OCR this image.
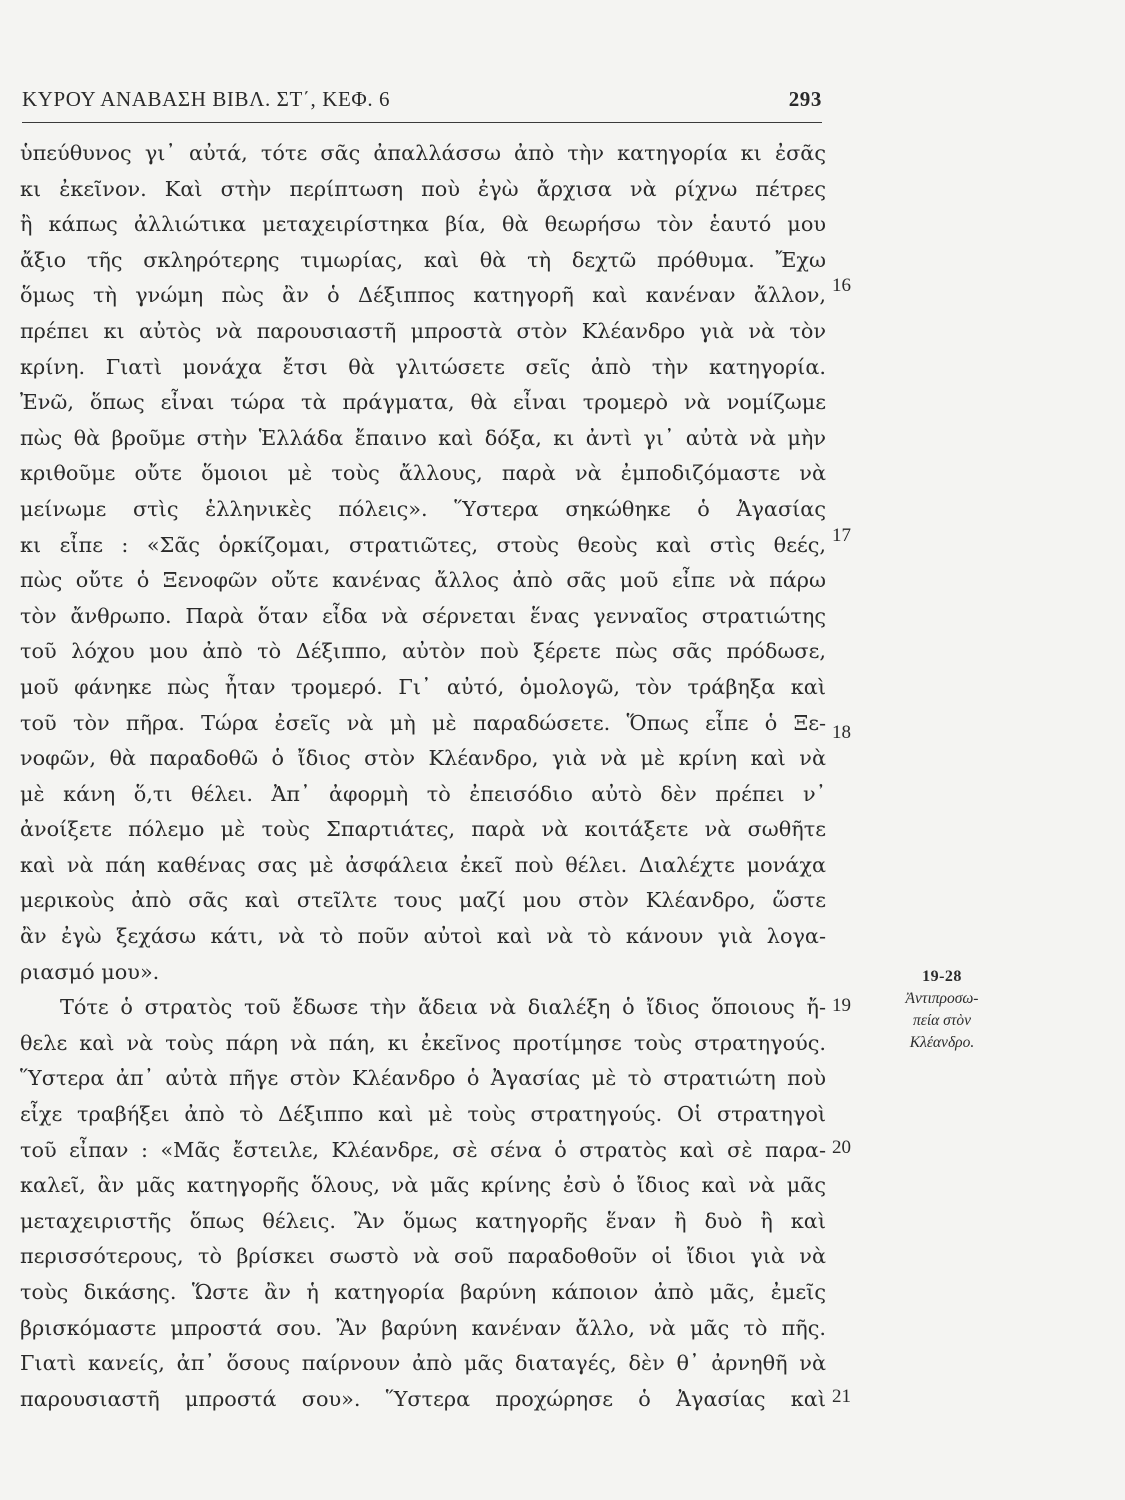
ΚΥΡΟΥ ΑΝΑΒΑΣΗ ΒΙΒΛ. ΣΤ΄, ΚΕΦ. 6	293
ὑπεύθυνος γι᾽ αὐτά, τότε σᾶς ἀπαλλάσσω ἀπὸ τὴν κατηγορία κι ἐσᾶς
κι ἐκεῖνον. Καὶ στὴν περίπτωση ποὺ ἐγὼ ἄρχισα νὰ ρίχνω πέτρες
ἢ κάπως ἀλλιώτικα μεταχειρίστηκα βία, θὰ θεωρήσω τὸν ἑαυτό μου
ἄξιο τῆς σκληρότερης τιμωρίας, καὶ θὰ τὴ δεχτῶ πρόθυμα. Ἔχω
ὅμως τὴ γνώμη πὼς ἂν ὁ Δέξιππος κατηγορῆ καὶ κανέναν ἄλλον,
πρέπει κι αὐτὸς νὰ παρουσιαστῆ μπροστὰ στὸν Κλέανδρο γιὰ νὰ τὸν
κρίνη. Γιατὶ μονάχα ἔτσι θὰ γλιτώσετε σεῖς ἀπὸ τὴν κατηγορία.
Ἐνῶ, ὅπως εἶναι τώρα τὰ πράγματα, θὰ εἶναι τρομερὸ νὰ νομίζωμε
πὼς θὰ βροῦμε στὴν Ἑλλάδα ἔπαινο καὶ δόξα, κι ἀντὶ γι᾽ αὐτὰ νὰ μὴν
κριθοῦμε οὔτε ὅμοιοι μὲ τοὺς ἄλλους, παρὰ νὰ ἐμποδιζόμαστε νὰ
μείνωμε στὶς ἑλληνικὲς πόλεις». Ὕστερα σηκώθηκε ὁ Ἀγασίας
κι εἶπε : «Σᾶς ὁρκίζομαι, στρατιῶτες, στοὺς θεοὺς καὶ στὶς θεές,
πὼς οὔτε ὁ Ξενοφῶν οὔτε κανένας ἄλλος ἀπὸ σᾶς μοῦ εἶπε νὰ πάρω
τὸν ἄνθρωπο. Παρὰ ὅταν εἶδα νὰ σέρνεται ἕνας γενναῖος στρατιώτης
τοῦ λόχου μου ἀπὸ τὸ Δέξιππο, αὐτὸν ποὺ ξέρετε πὼς σᾶς πρόδωσε,
μοῦ φάνηκε πὼς ἦταν τρομερό. Γι᾽ αὐτό, ὁμολογῶ, τὸν τράβηξα καὶ
τοῦ τὸν πῆρα. Τώρα ἐσεῖς νὰ μὴ μὲ παραδώσετε. Ὅπως εἶπε ὁ Ξε-
νοφῶν, θὰ παραδοθῶ ὁ ἴδιος στὸν Κλέανδρο, γιὰ νὰ μὲ κρίνη καὶ νὰ
μὲ κάνη ὅ,τι θέλει. Ἀπ᾽ ἀφορμὴ τὸ ἐπεισόδιο αὐτὸ δὲν πρέπει ν᾽
ἀνοίξετε πόλεμο μὲ τοὺς Σπαρτιάτες, παρὰ νὰ κοιτάξετε νὰ σωθῆτε
καὶ νὰ πάη καθένας σας μὲ ἀσφάλεια ἐκεῖ ποὺ θέλει. Διαλέχτε μονάχα
μερικοὺς ἀπὸ σᾶς καὶ στεῖλτε τους μαζί μου στὸν Κλέανδρο, ὥστε
ἂν ἐγὼ ξεχάσω κάτι, νὰ τὸ ποῦν αὐτοὶ καὶ νὰ τὸ κάνουν γιὰ λογα-
ριασμό μου».
Τότε ὁ στρατὸς τοῦ ἔδωσε τὴν ἄδεια νὰ διαλέξη ὁ ἴδιος ὅποιους ἤ-
θελε καὶ νὰ τοὺς πάρη νὰ πάη, κι ἐκεῖνος προτίμησε τοὺς στρατηγούς.
Ὕστερα ἀπ᾽ αὐτὰ πῆγε στὸν Κλέανδρο ὁ Ἀγασίας μὲ τὸ στρατιώτη ποὺ
εἶχε τραβήξει ἀπὸ τὸ Δέξιππο καὶ μὲ τοὺς στρατηγούς. Οἱ στρατηγοὶ
τοῦ εἶπαν : «Μᾶς ἔστειλε, Κλέανδρε, σὲ σένα ὁ στρατὸς καὶ σὲ παρα-
καλεῖ, ἂν μᾶς κατηγορῆς ὅλους, νὰ μᾶς κρίνης ἐσὺ ὁ ἴδιος καὶ νὰ μᾶς
μεταχειριστῆς ὅπως θέλεις. Ἂν ὅμως κατηγορῆς ἕναν ἢ δυὸ ἢ καὶ
περισσότερους, τὸ βρίσκει σωστὸ νὰ σοῦ παραδοθοῦν οἱ ἴδιοι γιὰ νὰ
τοὺς δικάσης. Ὥστε ἂν ἡ κατηγορία βαρύνη κάποιον ἀπὸ μᾶς, ἐμεῖς
βρισκόμαστε μπροστά σου. Ἂν βαρύνη κανέναν ἄλλο, νὰ μᾶς τὸ πῆς.
Γιατὶ κανείς, ἀπ᾽ ὅσους παίρνουν ἀπὸ μᾶς διαταγές, δὲν θ᾽ ἀρνηθῆ νὰ
παρουσιαστῆ μπροστά σου». Ὕστερα προχώρησε ὁ Ἀγασίας καὶ
16
17
18
19
20
21
19-28
Ἀντιπροσω-
πεία στὸν
Κλέανδρο.
